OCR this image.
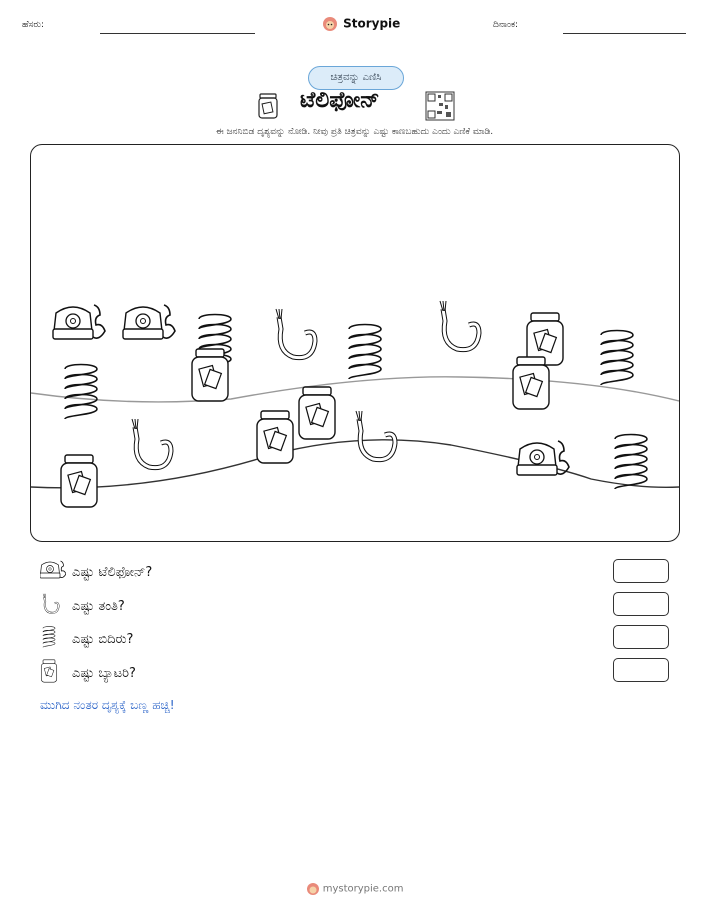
ಹೆಸರು:	Storypie	ದಿನಾಂಕ:
ಚಿತ್ರವನ್ನು ಎಣಿಸಿ
ಟೆಲಿಫೋನ್
ಈ ಜನನಿಬಿಡ ದೃಶ್ಯವನ್ನು ನೋಡಿ. ನೀವು ಪ್ರತಿ ಚಿತ್ರವನ್ನು ಎಷ್ಟು ಕಾಣಬಹುದು ಎಂದು ಎಣಿಕೆ ಮಾಡಿ.
ಎಷ್ಟು ಟೆಲಿಫೋನ್?
ಎಷ್ಟು ತಂತಿ?
ಎಷ್ಟು ಬಿದಿರು?
ಎಷ್ಟು ಬ್ಯಾಟರಿ?
ಮುಗಿದ ನಂತರ ದೃಶ್ಯಕ್ಕೆ ಬಣ್ಣ ಹಚ್ಚಿ!
mystorypie.com
